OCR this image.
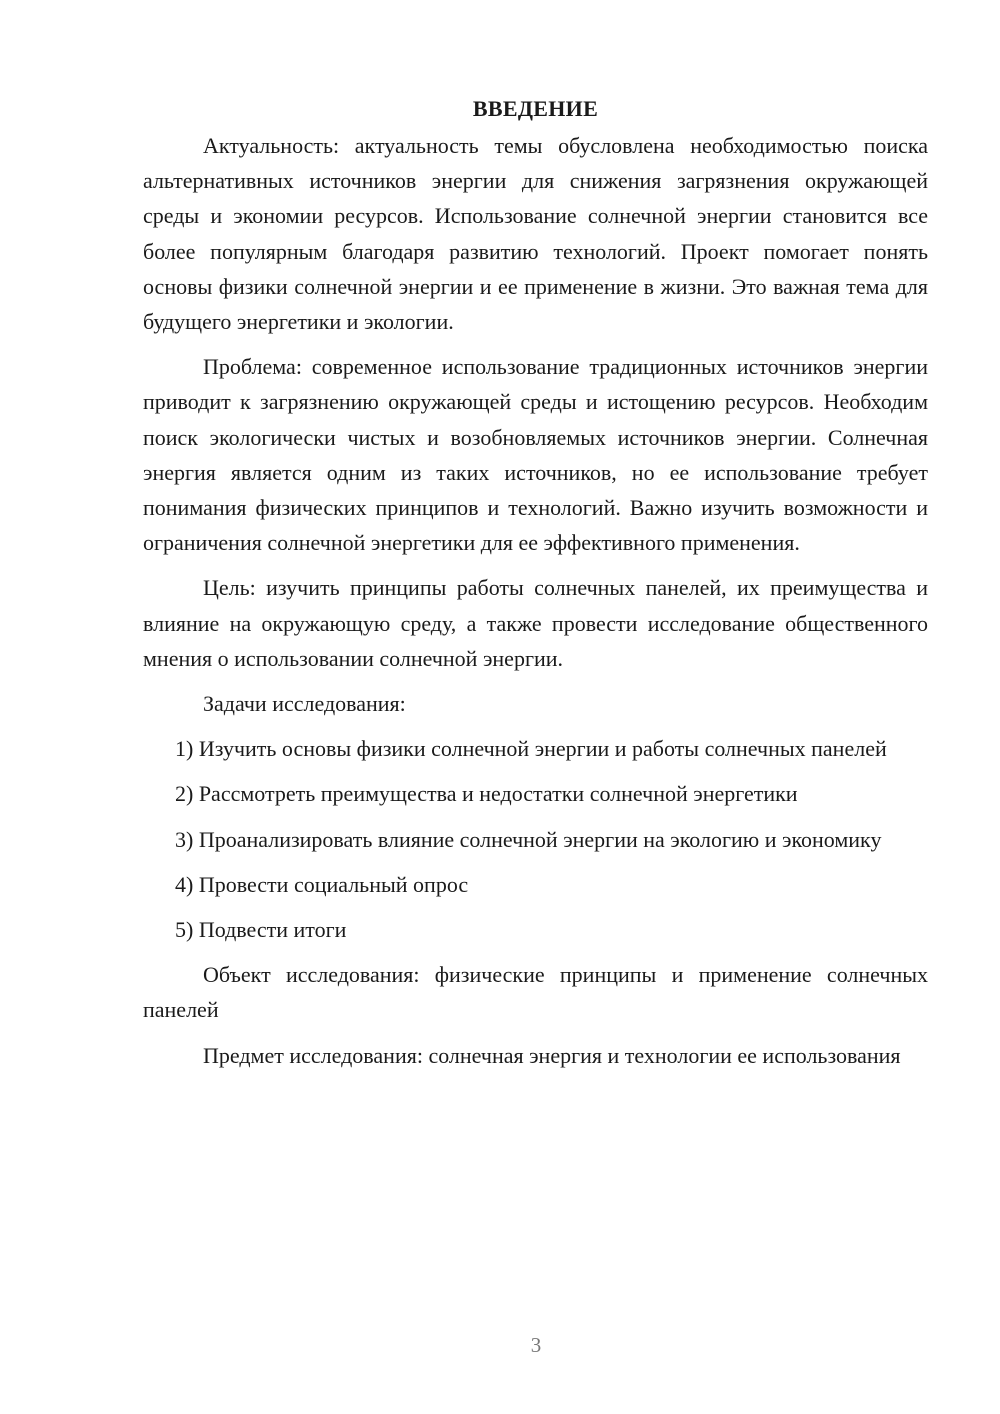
ВВЕДЕНИЕ

Актуальность: актуальность темы обусловлена необходимостью поиска альтернативных источников энергии для снижения загрязнения окружающей среды и экономии ресурсов. Использование солнечной энергии становится все более популярным благодаря развитию технологий. Проект помогает понять основы физики солнечной энергии и ее применение в жизни. Это важная тема для будущего энергетики и экологии.

Проблема: современное использование традиционных источников энергии приводит к загрязнению окружающей среды и истощению ресурсов. Необходим поиск экологически чистых и возобновляемых источников энергии. Солнечная энергия является одним из таких источников, но ее использование требует понимания физических принципов и технологий. Важно изучить возможности и ограничения солнечной энергетики для ее эффективного применения.

Цель: изучить принципы работы солнечных панелей, их преимущества и влияние на окружающую среду, а также провести исследование общественного мнения о использовании солнечной энергии.

Задачи исследования:

1) Изучить основы физики солнечной энергии и работы солнечных панелей

2) Рассмотреть преимущества и недостатки солнечной энергетики

3) Проанализировать влияние солнечной энергии на экологию и экономику

4) Провести социальный опрос

5) Подвести итоги

Объект исследования: физические принципы и применение солнечных панелей

Предмет исследования: солнечная энергия и технологии ее использования

3
